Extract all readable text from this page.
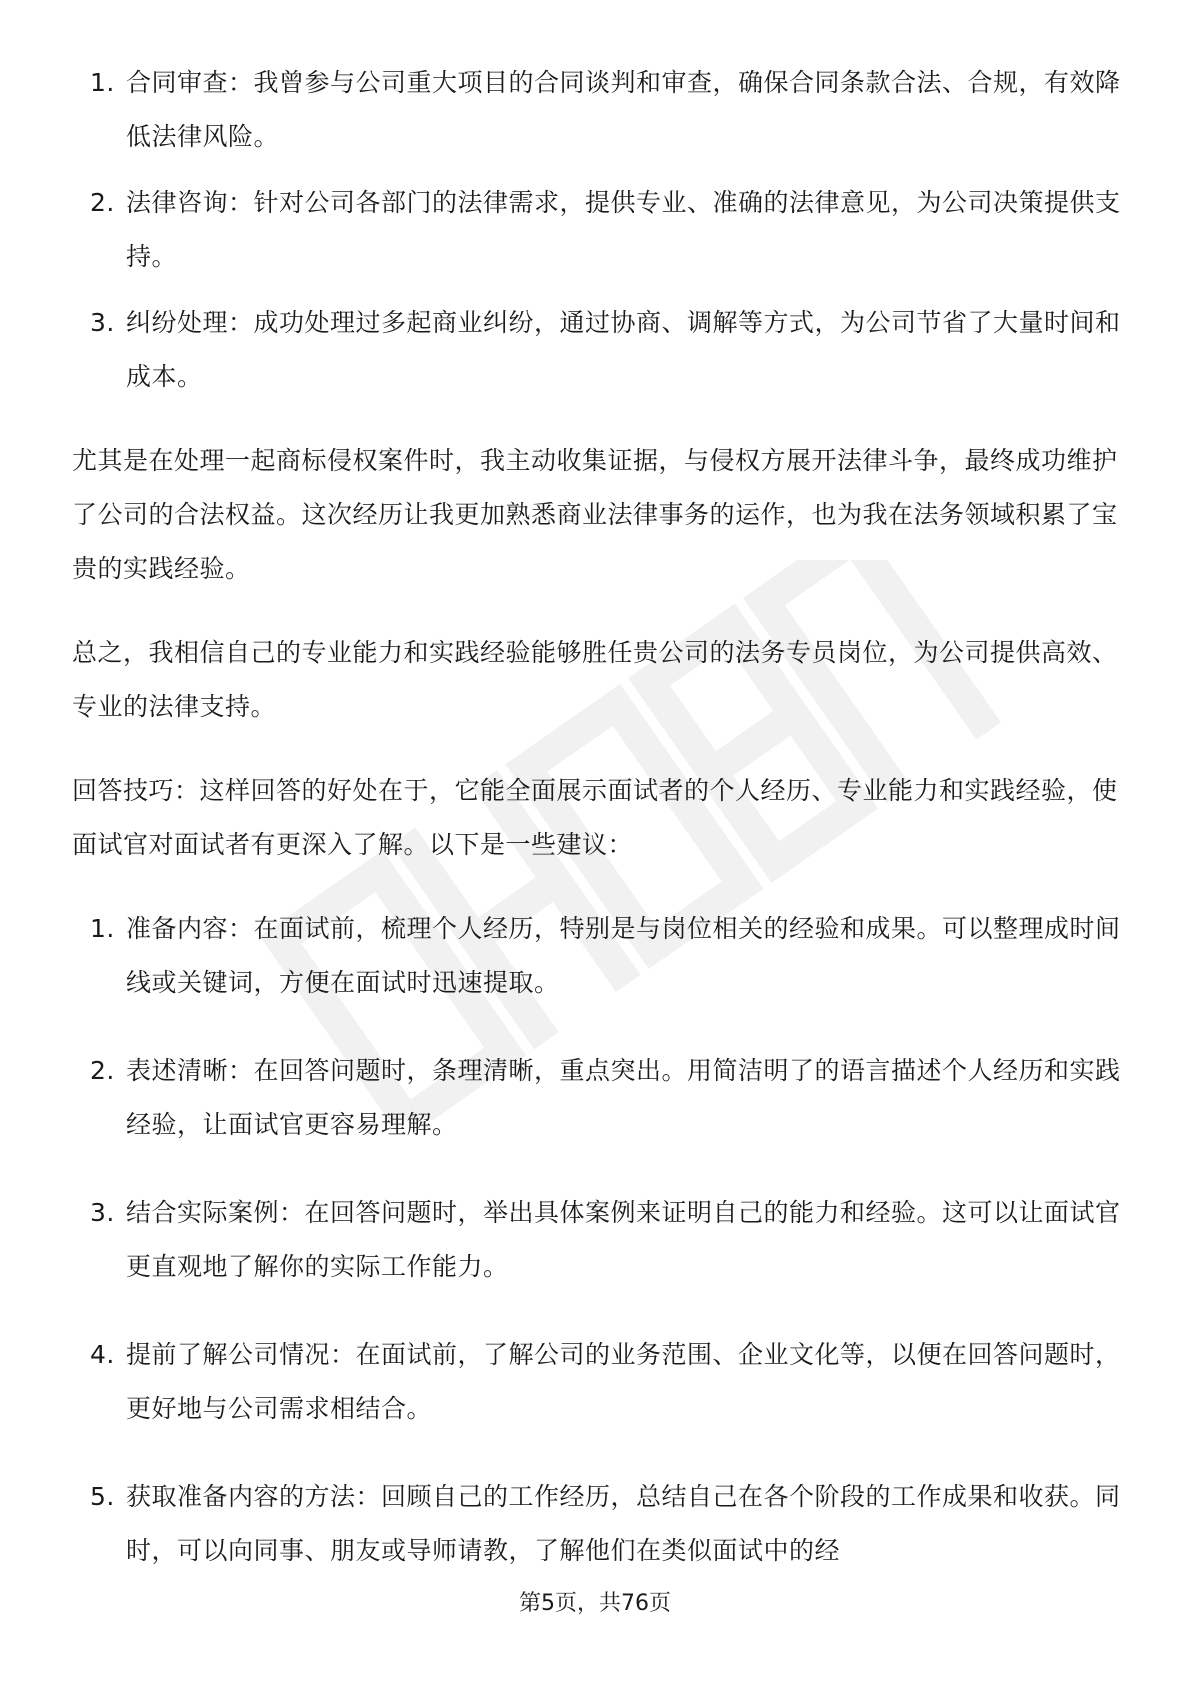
1. 合同审查：我曾参与公司重大项目的合同谈判和审查，确保合同条款合法、合规，有效降低法律风险。
2. 法律咨询：针对公司各部门的法律需求，提供专业、准确的法律意见，为公司决策提供支持。
3. 纠纷处理：成功处理过多起商业纠纷，通过协商、调解等方式，为公司节省了大量时间和成本。

尤其是在处理一起商标侵权案件时，我主动收集证据，与侵权方展开法律斗争，最终成功维护了公司的合法权益。这次经历让我更加熟悉商业法律事务的运作，也为我在法务领域积累了宝贵的实践经验。

总之，我相信自己的专业能力和实践经验能够胜任贵公司的法务专员岗位，为公司提供高效、专业的法律支持。

回答技巧：这样回答的好处在于，它能全面展示面试者的个人经历、专业能力和实践经验，使面试官对面试者有更深入了解。以下是一些建议：

1. 准备内容：在面试前，梳理个人经历，特别是与岗位相关的经验和成果。可以整理成时间线或关键词，方便在面试时迅速提取。
2. 表述清晰：在回答问题时，条理清晰，重点突出。用简洁明了的语言描述个人经历和实践经验，让面试官更容易理解。
3. 结合实际案例：在回答问题时，举出具体案例来证明自己的能力和经验。这可以让面试官更直观地了解你的实际工作能力。
4. 提前了解公司情况：在面试前，了解公司的业务范围、企业文化等，以便在回答问题时，更好地与公司需求相结合。
5. 获取准备内容的方法：回顾自己的工作经历，总结自己在各个阶段的工作成果和收获。同时，可以向同事、朋友或导师请教，了解他们在类似面试中的经
第5页，共76页
